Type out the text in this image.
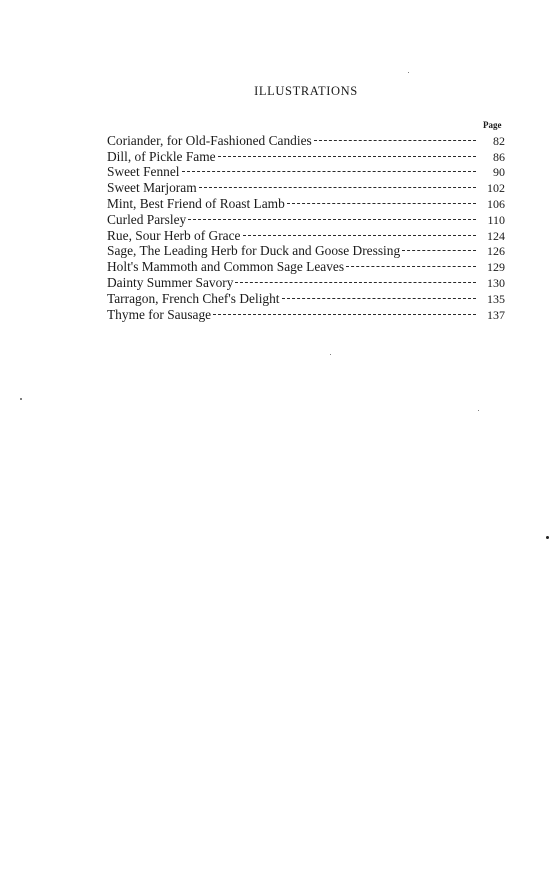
ILLUSTRATIONS
Page
Coriander, for Old-Fashioned Candies	82
Dill, of Pickle Fame	86
Sweet Fennel	90
Sweet Marjoram	102
Mint, Best Friend of Roast Lamb	106
Curled Parsley	110
Rue, Sour Herb of Grace	124
Sage, The Leading Herb for Duck and Goose Dressing	126
Holt's Mammoth and Common Sage Leaves	129
Dainty Summer Savory	130
Tarragon, French Chef's Delight	135
Thyme for Sausage	137
